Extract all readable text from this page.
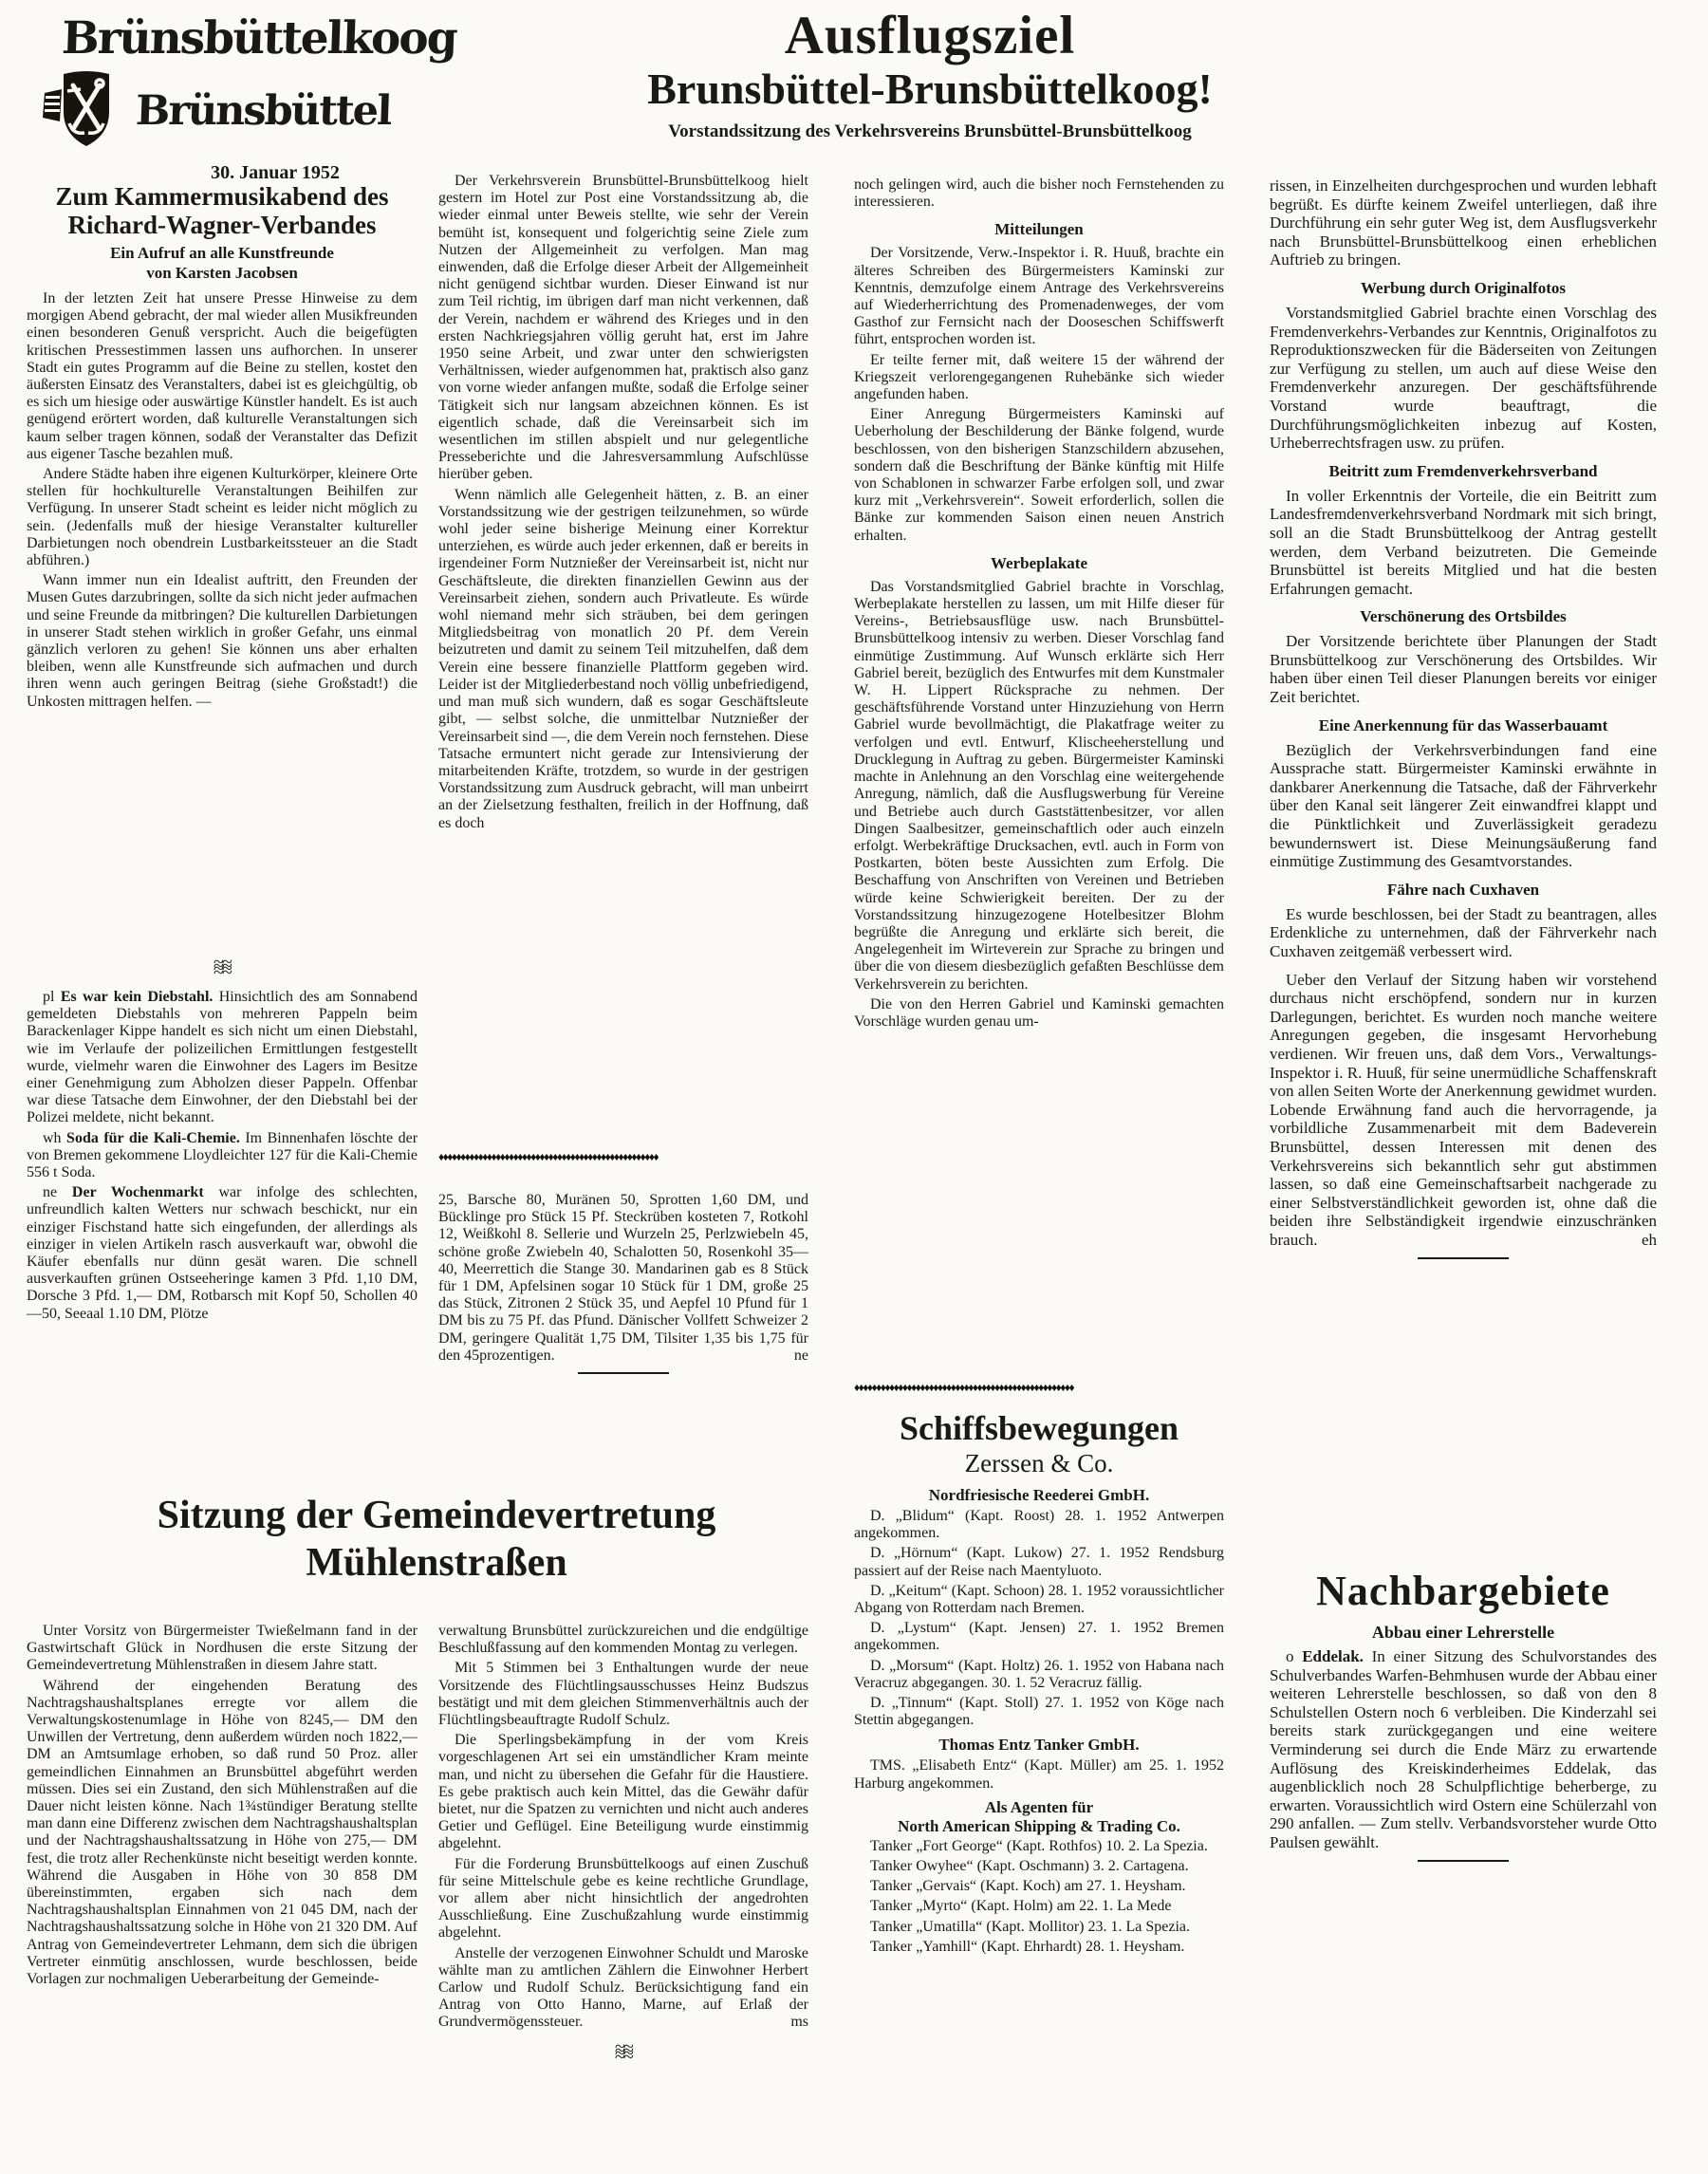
Brünsbüttelkoog
Brünsbüttel
30. Januar 1952
Ausflugsziel
Brunsbüttel-Brunsbüttelkoog!
Vorstandssitzung des Verkehrsvereins Brunsbüttel-Brunsbüttelkoog
Zum Kammermusikabend des
Richard-Wagner-Verbandes
Ein Aufruf an alle Kunstfreunde
von Karsten Jacobsen

In der letzten Zeit hat unsere Presse Hinweise zu dem morgigen Abend gebracht, der mal wieder allen Musikfreunden einen besonderen Genuß verspricht. Auch die beigefügten kritischen Pressestimmen lassen uns aufhorchen. In unserer Stadt ein gutes Programm auf die Beine zu stellen, kostet den äußersten Einsatz des Veranstalters, dabei ist es gleichgültig, ob es sich um hiesige oder auswärtige Künstler handelt. Es ist auch genügend erörtert worden, daß kulturelle Veranstaltungen sich kaum selber tragen können, sodaß der Veranstalter das Defizit aus eigener Tasche bezahlen muß.

Andere Städte haben ihre eigenen Kulturkörper, kleinere Orte stellen für hochkulturelle Veranstaltungen Beihilfen zur Verfügung. In unserer Stadt scheint es leider nicht möglich zu sein. (Jedenfalls muß der hiesige Veranstalter kultureller Darbietungen noch obendrein Lustbarkeitssteuer an die Stadt abführen.)

Wann immer nun ein Idealist auftritt, den Freunden der Musen Gutes darzubringen, sollte da sich nicht jeder aufmachen und seine Freunde da mitbringen? Die kulturellen Darbietungen in unserer Stadt stehen wirklich in großer Gefahr, uns einmal gänzlich verloren zu gehen! Sie können uns aber erhalten bleiben, wenn alle Kunstfreunde sich aufmachen und durch ihren wenn auch geringen Beitrag (siehe Großstadt!) die Unkosten mittragen helfen. —

≈≈ ≈≈

pl Es war kein Diebstahl. Hinsichtlich des am Sonnabend gemeldeten Diebstahls von mehreren Pappeln beim Barackenlager Kippe handelt es sich nicht um einen Diebstahl, wie im Verlaufe der polizeilichen Ermittlungen festgestellt wurde, vielmehr waren die Einwohner des Lagers im Besitze einer Genehmigung zum Abholzen dieser Pappeln. Offenbar war diese Tatsache dem Einwohner, der den Diebstahl bei der Polizei meldete, nicht bekannt.

wh Soda für die Kali-Chemie. Im Binnenhafen löschte der von Bremen gekommene Lloydleichter 127 für die Kali-Chemie 556 t Soda.

ne Der Wochenmarkt war infolge des schlechten, unfreundlich kalten Wetters nur schwach beschickt, nur ein einziger Fischstand hatte sich eingefunden, der allerdings als einziger in vielen Artikeln rasch ausverkauft war, obwohl die Käufer ebenfalls nur dünn gesät waren. Die schnell ausverkauften grünen Ostseeheringe kamen 3 Pfd. 1,10 DM, Dorsche 3 Pfd. 1,— DM, Rotbarsch mit Kopf 50, Schollen 40—50, Seeaal 1.10 DM, Plötze

Der Verkehrsverein Brunsbüttel-Brunsbüttelkoog hielt gestern im Hotel zur Post eine Vorstandssitzung ab, die wieder einmal unter Beweis stellte, wie sehr der Verein bemüht ist, konsequent und folgerichtig seine Ziele zum Nutzen der Allgemeinheit zu verfolgen. Man mag einwenden, daß die Erfolge dieser Arbeit der Allgemeinheit nicht genügend sichtbar wurden. Dieser Einwand ist nur zum Teil richtig, im übrigen darf man nicht verkennen, daß der Verein, nachdem er während des Krieges und in den ersten Nachkriegsjahren völlig geruht hat, erst im Jahre 1950 seine Arbeit, und zwar unter den schwierigsten Verhältnissen, wieder aufgenommen hat, praktisch also ganz von vorne wieder anfangen mußte, sodaß die Erfolge seiner Tätigkeit sich nur langsam abzeichnen können. Es ist eigentlich schade, daß die Vereinsarbeit sich im wesentlichen im stillen abspielt und nur gelegentliche Presseberichte und die Jahresversammlung Aufschlüsse hierüber geben.

Wenn nämlich alle Gelegenheit hätten, z. B. an einer Vorstandssitzung wie der gestrigen teilzunehmen, so würde wohl jeder seine bisherige Meinung einer Korrektur unterziehen, es würde auch jeder erkennen, daß er bereits in irgendeiner Form Nutznießer der Vereinsarbeit ist, nicht nur Geschäftsleute, die direkten finanziellen Gewinn aus der Vereinsarbeit ziehen, sondern auch Privatleute. Es würde wohl niemand mehr sich sträuben, bei dem geringen Mitgliedsbeitrag von monatlich 20 Pf. dem Verein beizutreten und damit zu seinem Teil mitzuhelfen, daß dem Verein eine bessere finanzielle Plattform gegeben wird. Leider ist der Mitgliederbestand noch völlig unbefriedigend, und man muß sich wundern, daß es sogar Geschäftsleute gibt, — selbst solche, die unmittelbar Nutznießer der Vereinsarbeit sind —, die dem Verein noch fernstehen. Diese Tatsache ermuntert nicht gerade zur Intensivierung der mitarbeitenden Kräfte, trotzdem, so wurde in der gestrigen Vorstandssitzung zum Ausdruck gebracht, will man unbeirrt an der Zielsetzung festhalten, freilich in der Hoffnung, daß es doch

♦♦♦♦♦♦♦♦♦♦♦♦♦♦♦♦♦♦♦♦♦♦♦♦♦♦♦♦♦♦♦♦♦♦♦♦♦♦♦♦♦♦♦♦♦♦♦♦♦♦

25, Barsche 80, Muränen 50, Sprotten 1,60 DM, und Bücklinge pro Stück 15 Pf. Steckrüben kosteten 7, Rotkohl 12, Weißkohl 8. Sellerie und Wurzeln 25, Perlzwiebeln 45, schöne große Zwiebeln 40, Schalotten 50, Rosenkohl 35—40, Meerrettich die Stange 30. Mandarinen gab es 8 Stück für 1 DM, Apfelsinen sogar 10 Stück für 1 DM, große 25 das Stück, Zitronen 2 Stück 35, und Aepfel 10 Pfund für 1 DM bis zu 75 Pf. das Pfund. Dänischer Vollfett Schweizer 2 DM, geringere Qualität 1,75 DM, Tilsiter 1,35 bis 1,75 für den 45prozentigen.	ne

Sitzung der Gemeindevertretung
Mühlenstraßen

Unter Vorsitz von Bürgermeister Twießelmann fand in der Gastwirtschaft Glück in Nordhusen die erste Sitzung der Gemeindevertretung Mühlenstraßen in diesem Jahre statt.

Während der eingehenden Beratung des Nachtragshaushaltsplanes erregte vor allem die Verwaltungskostenumlage in Höhe von 8245,— DM den Unwillen der Vertretung, denn außerdem würden noch 1822,— DM an Amtsumlage erhoben, so daß rund 50 Proz. aller gemeindlichen Einnahmen an Brunsbüttel abgeführt werden müssen. Dies sei ein Zustand, den sich Mühlenstraßen auf die Dauer nicht leisten könne. Nach 1¾stündiger Beratung stellte man dann eine Differenz zwischen dem Nachtragshaushaltsplan und der Nachtragshaushaltssatzung in Höhe von 275,— DM fest, die trotz aller Rechenkünste nicht beseitigt werden konnte. Während die Ausgaben in Höhe von 30 858 DM übereinstimmten, ergaben sich nach dem Nachtragshaushaltsplan Einnahmen von 21 045 DM, nach der Nachtragshaushaltssatzung solche in Höhe von 21 320 DM. Auf Antrag von Gemeindevertreter Lehmann, dem sich die übrigen Vertreter einmütig anschlossen, wurde beschlossen, beide Vorlagen zur nochmaligen Ueberarbeitung der Gemeinde-

verwaltung Brunsbüttel zurückzureichen und die endgültige Beschlußfassung auf den kommenden Montag zu verlegen.

Mit 5 Stimmen bei 3 Enthaltungen wurde der neue Vorsitzende des Flüchtlingsausschusses Heinz Budszus bestätigt und mit dem gleichen Stimmenverhältnis auch der Flüchtlingsbeauftragte Rudolf Schulz.

Die Sperlingsbekämpfung in der vom Kreis vorgeschlagenen Art sei ein umständlicher Kram meinte man, und nicht zu übersehen die Gefahr für die Haustiere. Es gebe praktisch auch kein Mittel, das die Gewähr dafür bietet, nur die Spatzen zu vernichten und nicht auch anderes Getier und Geflügel. Eine Beteiligung wurde einstimmig abgelehnt.

Für die Forderung Brunsbüttelkoogs auf einen Zuschuß für seine Mittelschule gebe es keine rechtliche Grundlage, vor allem aber nicht hinsichtlich der angedrohten Ausschließung. Eine Zuschußzahlung wurde einstimmig abgelehnt.

Anstelle der verzogenen Einwohner Schuldt und Maroske wählte man zu amtlichen Zählern die Einwohner Herbert Carlow und Rudolf Schulz. Berücksichtigung fand ein Antrag von Otto Hanno, Marne, auf Erlaß der Grundvermögenssteuer.	ms

≈≈ ≈≈

noch gelingen wird, auch die bisher noch Fernstehenden zu interessieren.

Mitteilungen

Der Vorsitzende, Verw.-Inspektor i. R. Huuß, brachte ein älteres Schreiben des Bürgermeisters Kaminski zur Kenntnis, demzufolge einem Antrage des Verkehrsvereins auf Wiederherrichtung des Promenadenweges, der vom Gasthof zur Fernsicht nach der Dooseschen Schiffswerft führt, entsprochen worden ist.

Er teilte ferner mit, daß weitere 15 der während der Kriegszeit verlorengegangenen Ruhebänke sich wieder angefunden haben.

Einer Anregung Bürgermeisters Kaminski auf Ueberholung der Beschilderung der Bänke folgend, wurde beschlossen, von den bisherigen Stanzschildern abzusehen, sondern daß die Beschriftung der Bänke künftig mit Hilfe von Schablonen in schwarzer Farbe erfolgen soll, und zwar kurz mit „Verkehrsverein“. Soweit erforderlich, sollen die Bänke zur kommenden Saison einen neuen Anstrich erhalten.

Werbeplakate

Das Vorstandsmitglied Gabriel brachte in Vorschlag, Werbeplakate herstellen zu lassen, um mit Hilfe dieser für Vereins-, Betriebsausflüge usw. nach Brunsbüttel-Brunsbüttelkoog intensiv zu werben. Dieser Vorschlag fand einmütige Zustimmung. Auf Wunsch erklärte sich Herr Gabriel bereit, bezüglich des Entwurfes mit dem Kunstmaler W. H. Lippert Rücksprache zu nehmen. Der geschäftsführende Vorstand unter Hinzuziehung von Herrn Gabriel wurde bevollmächtigt, die Plakatfrage weiter zu verfolgen und evtl. Entwurf, Klischeeherstellung und Drucklegung in Auftrag zu geben. Bürgermeister Kaminski machte in Anlehnung an den Vorschlag eine weitergehende Anregung, nämlich, daß die Ausflugswerbung für Vereine und Betriebe auch durch Gaststättenbesitzer, vor allen Dingen Saalbesitzer, gemeinschaftlich oder auch einzeln erfolgt. Werbekräftige Drucksachen, evtl. auch in Form von Postkarten, böten beste Aussichten zum Erfolg. Die Beschaffung von Anschriften von Vereinen und Betrieben würde keine Schwierigkeit bereiten. Der zu der Vorstandssitzung hinzugezogene Hotelbesitzer Blohm begrüßte die Anregung und erklärte sich bereit, die Angelegenheit im Wirteverein zur Sprache zu bringen und über die von diesem diesbezüglich gefaßten Beschlüsse dem Verkehrsverein zu berichten.

Die von den Herren Gabriel und Kaminski gemachten Vorschläge wurden genau um-

♦♦♦♦♦♦♦♦♦♦♦♦♦♦♦♦♦♦♦♦♦♦♦♦♦♦♦♦♦♦♦♦♦♦♦♦♦♦♦♦♦♦♦♦♦♦♦♦♦♦
Schiffsbewegungen
Zerssen & Co.
Nordfriesische Reederei GmbH.

D. „Blidum“ (Kapt. Roost) 28. 1. 1952 Antwerpen angekommen.

D. „Hörnum“ (Kapt. Lukow) 27. 1. 1952 Rendsburg passiert auf der Reise nach Maentyluoto.

D. „Keitum“ (Kapt. Schoon) 28. 1. 1952 voraussichtlicher Abgang von Rotterdam nach Bremen.

D. „Lystum“ (Kapt. Jensen) 27. 1. 1952 Bremen angekommen.

D. „Morsum“ (Kapt. Holtz) 26. 1. 1952 von Habana nach Veracruz abgegangen. 30. 1. 52 Veracruz fällig.

D. „Tinnum“ (Kapt. Stoll) 27. 1. 1952 von Köge nach Stettin abgegangen.

Thomas Entz Tanker GmbH.

TMS. „Elisabeth Entz“ (Kapt. Müller) am 25. 1. 1952 Harburg angekommen.

Als Agenten für
North American Shipping & Trading Co.

Tanker „Fort George“ (Kapt. Rothfos) 10. 2. La Spezia.

Tanker Owyhee“ (Kapt. Oschmann) 3. 2. Cartagena.

Tanker „Gervais“ (Kapt. Koch) am 27. 1. Heysham.

Tanker „Myrto“ (Kapt. Holm) am 22. 1. La Mede

Tanker „Umatilla“ (Kapt. Mollitor) 23. 1. La Spezia.

Tanker „Yamhill“ (Kapt. Ehrhardt) 28. 1. Heysham.

rissen, in Einzelheiten durchgesprochen und wurden lebhaft begrüßt. Es dürfte keinem Zweifel unterliegen, daß ihre Durchführung ein sehr guter Weg ist, dem Ausflugsverkehr nach Brunsbüttel-Brunsbüttelkoog einen erheblichen Auftrieb zu bringen.

Werbung durch Originalfotos

Vorstandsmitglied Gabriel brachte einen Vorschlag des Fremdenverkehrs-Verbandes zur Kenntnis, Originalfotos zu Reproduktionszwecken für die Bäderseiten von Zeitungen zur Verfügung zu stellen, um auch auf diese Weise den Fremdenverkehr anzuregen. Der geschäftsführende Vorstand wurde beauftragt, die Durchführungsmöglichkeiten inbezug auf Kosten, Urheberrechtsfragen usw. zu prüfen.

Beitritt zum Fremdenverkehrsverband

In voller Erkenntnis der Vorteile, die ein Beitritt zum Landesfremdenverkehrsverband Nordmark mit sich bringt, soll an die Stadt Brunsbüttelkoog der Antrag gestellt werden, dem Verband beizutreten. Die Gemeinde Brunsbüttel ist bereits Mitglied und hat die besten Erfahrungen gemacht.

Verschönerung des Ortsbildes

Der Vorsitzende berichtete über Planungen der Stadt Brunsbüttelkoog zur Verschönerung des Ortsbildes. Wir haben über einen Teil dieser Planungen bereits vor einiger Zeit berichtet.

Eine Anerkennung für das Wasserbauamt

Bezüglich der Verkehrsverbindungen fand eine Aussprache statt. Bürgermeister Kaminski erwähnte in dankbarer Anerkennung die Tatsache, daß der Fährverkehr über den Kanal seit längerer Zeit einwandfrei klappt und die Pünktlichkeit und Zuverlässigkeit geradezu bewundernswert ist. Diese Meinungsäußerung fand einmütige Zustimmung des Gesamtvorstandes.

Fähre nach Cuxhaven

Es wurde beschlossen, bei der Stadt zu beantragen, alles Erdenkliche zu unternehmen, daß der Fährverkehr nach Cuxhaven zeitgemäß verbessert wird.

Ueber den Verlauf der Sitzung haben wir vorstehend durchaus nicht erschöpfend, sondern nur in kurzen Darlegungen, berichtet. Es wurden noch manche weitere Anregungen gegeben, die insgesamt Hervorhebung verdienen. Wir freuen uns, daß dem Vors., Verwaltungs-Inspektor i. R. Huuß, für seine unermüdliche Schaffenskraft von allen Seiten Worte der Anerkennung gewidmet wurden. Lobende Erwähnung fand auch die hervorragende, ja vorbildliche Zusammenarbeit mit dem Badeverein Brunsbüttel, dessen Interessen mit denen des Verkehrsvereins sich bekanntlich sehr gut abstimmen lassen, so daß eine Gemeinschaftsarbeit nachgerade zu einer Selbstverständlichkeit geworden ist, ohne daß die beiden ihre Selbständigkeit irgendwie einzuschränken brauch.	eh

Nachbargebiete
Abbau einer Lehrerstelle

o Eddelak. In einer Sitzung des Schulvorstandes des Schulverbandes Warfen-Behmhusen wurde der Abbau einer weiteren Lehrerstelle beschlossen, so daß von den 8 Schulstellen Ostern noch 6 verbleiben. Die Kinderzahl sei bereits stark zurückgegangen und eine weitere Verminderung sei durch die Ende März zu erwartende Auflösung des Kreiskinderheimes Eddelak, das augenblicklich noch 28 Schulpflichtige beherberge, zu erwarten. Voraussichtlich wird Ostern eine Schülerzahl von 290 anfallen. — Zum stellv. Verbandsvorsteher wurde Otto Paulsen gewählt.
